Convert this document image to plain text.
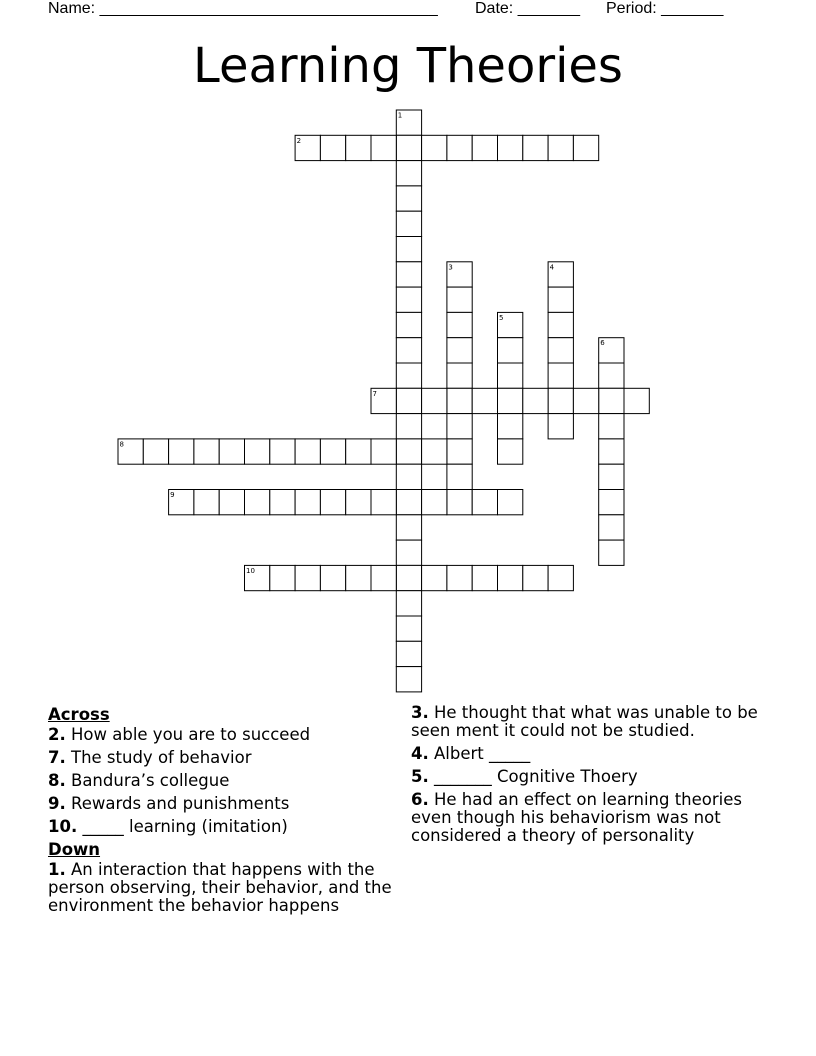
Name: ______________________________________

Date: _______

Period: _______

Learning Theories
1
2
3	4
5
6
7
8
9
10
Across
2. How able you are to succeed
7. The study of behavior
8. Bandura’s collegue
9. Rewards and punishments
10. _____ learning (imitation)
Down
1. An interaction that happens with the person observing, their behavior, and the environment the behavior happens
3. He thought that what was unable to be seen ment it could not be studied.
4. Albert _____
5. _______ Cognitive Thoery
6. He had an effect on learning theories even though his behaviorism was not considered a theory of personality
